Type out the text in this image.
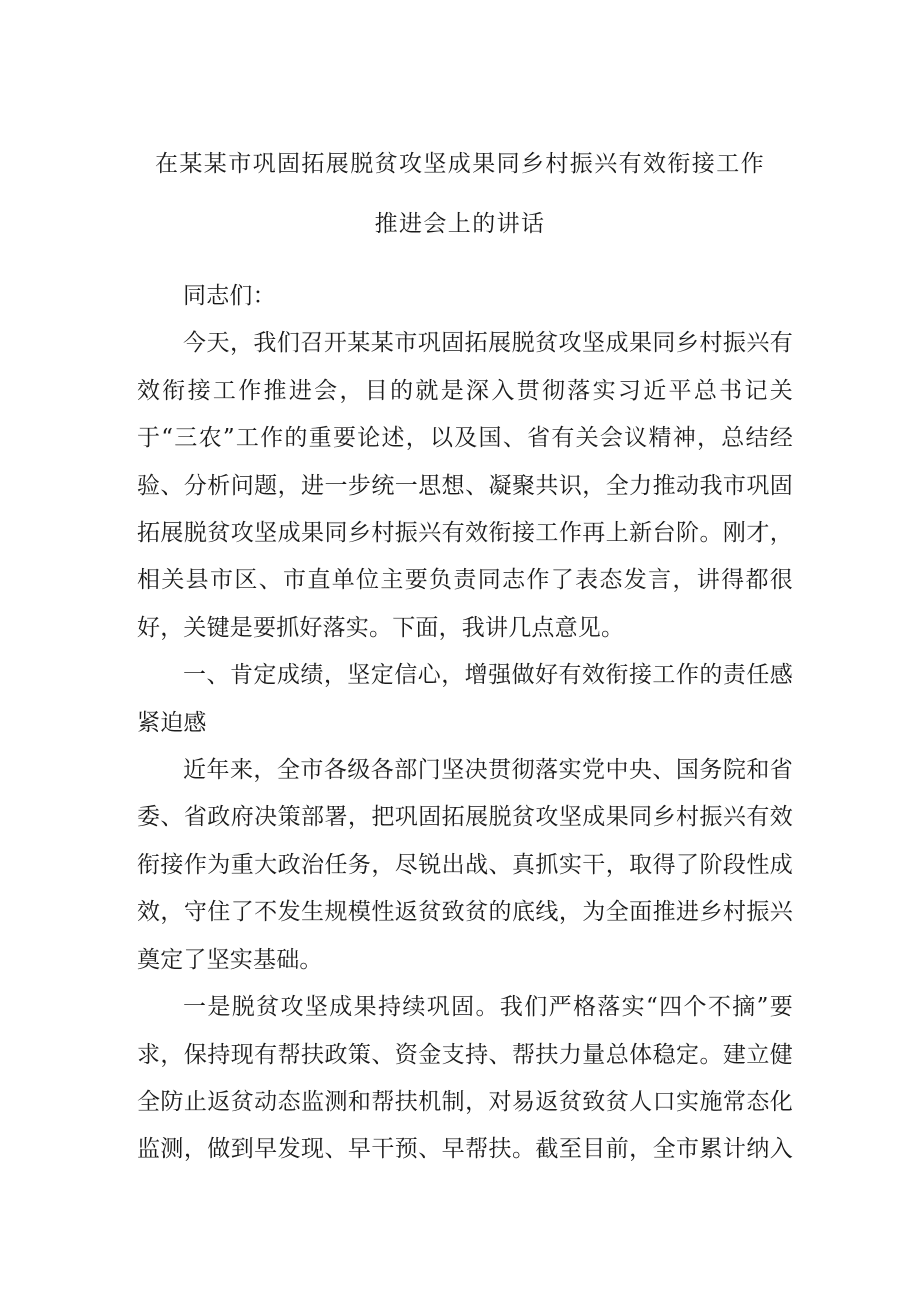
在某某市巩固拓展脱贫攻坚成果同乡村振兴有效衔接工作
推进会上的讲话

同志们：

今天，我们召开某某市巩固拓展脱贫攻坚成果同乡村振兴有效衔接工作推进会，目的就是深入贯彻落实习近平总书记关于“三农”工作的重要论述，以及国、省有关会议精神，总结经验、分析问题，进一步统一思想、凝聚共识，全力推动我市巩固拓展脱贫攻坚成果同乡村振兴有效衔接工作再上新台阶。刚才，相关县市区、市直单位主要负责同志作了表态发言，讲得都很好，关键是要抓好落实。下面，我讲几点意见。

一、肯定成绩，坚定信心，增强做好有效衔接工作的责任感紧迫感

近年来，全市各级各部门坚决贯彻落实党中央、国务院和省委、省政府决策部署，把巩固拓展脱贫攻坚成果同乡村振兴有效衔接作为重大政治任务，尽锐出战、真抓实干，取得了阶段性成效，守住了不发生规模性返贫致贫的底线，为全面推进乡村振兴奠定了坚实基础。

一是脱贫攻坚成果持续巩固。我们严格落实“四个不摘”要求，保持现有帮扶政策、资金支持、帮扶力量总体稳定。建立健全防止返贫动态监测和帮扶机制，对易返贫致贫人口实施常态化监测，做到早发现、早干预、早帮扶。截至目前，全市累计纳入
